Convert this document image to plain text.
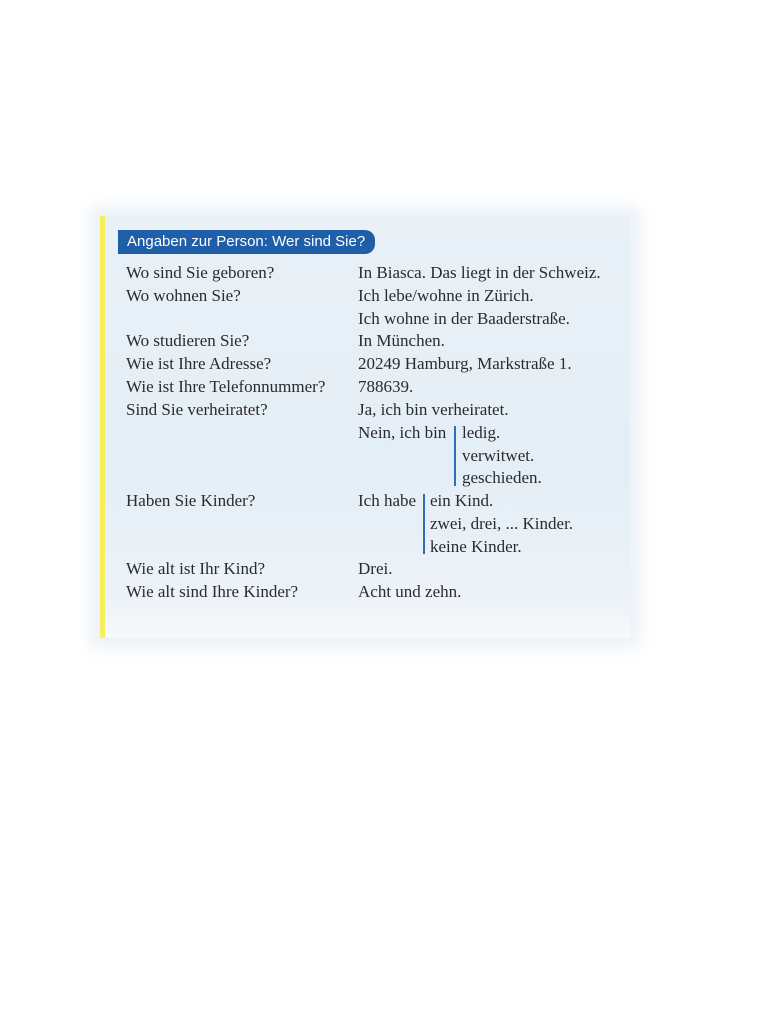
Angaben zur Person: Wer sind Sie?
Wo sind Sie geboren?	In Biasca. Das liegt in der Schweiz.
Wo wohnen Sie?	Ich lebe/wohne in Zürich.
Ich wohne in der Baaderstraße.
Wo studieren Sie?	In München.
Wie ist Ihre Adresse?	20249 Hamburg, Markstraße 1.
Wie ist Ihre Telefonnummer? 788639.
Sind Sie verheiratet?	Ja, ich bin verheiratet.
Nein, ich bin ledig.
verwitwet.
geschieden.
Haben Sie Kinder?	Ich habe ein Kind.
zwei, drei, ... Kinder.
keine Kinder.
Wie alt ist Ihr Kind?	Drei.
Wie alt sind Ihre Kinder?	Acht und zehn.
